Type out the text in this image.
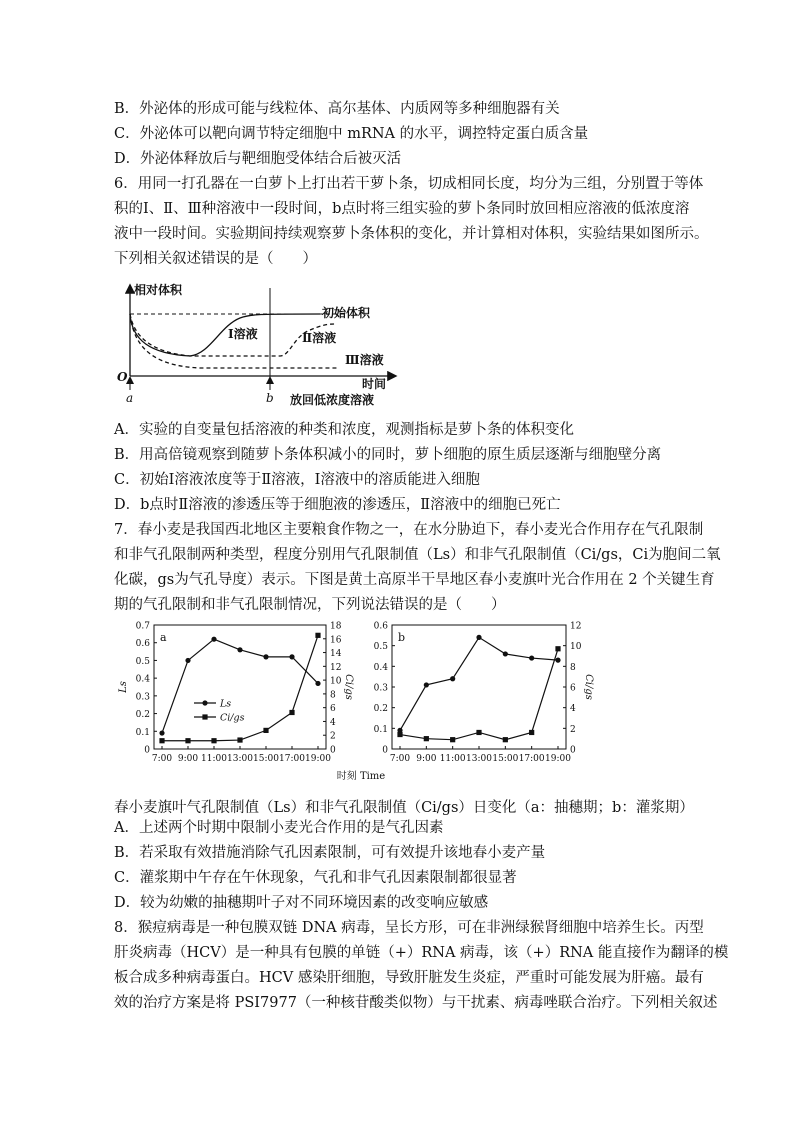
B．外泌体的形成可能与线粒体、高尔基体、内质网等多种细胞器有关
C．外泌体可以靶向调节特定细胞中 mRNA 的水平，调控特定蛋白质含量
D．外泌体释放后与靶细胞受体结合后被灭活
6．用同一打孔器在一白萝卜上打出若干萝卜条，切成相同长度，均分为三组，分别置于等体
积的Ⅰ、Ⅱ、Ⅲ种溶液中一段时间，b点时将三组实验的萝卜条同时放回相应溶液的低浓度溶
液中一段时间。实验期间持续观察萝卜条体积的变化，并计算相对体积，实验结果如图所示。
下列相关叙述错误的是（　　）
相对体积
时间
O
初始体积
Ⅰ溶液	Ⅱ溶液
Ⅲ溶液
a	b 放回低浓度溶液
A．实验的自变量包括溶液的种类和浓度，观测指标是萝卜条的体积变化
B．用高倍镜观察到随萝卜条体积减小的同时，萝卜细胞的原生质层逐渐与细胞壁分离
C．初始Ⅰ溶液浓度等于Ⅱ溶液，Ⅰ溶液中的溶质能进入细胞
D．b点时Ⅱ溶液的渗透压等于细胞液的渗透压，Ⅱ溶液中的细胞已死亡
7．春小麦是我国西北地区主要粮食作物之一，在水分胁迫下，春小麦光合作用存在气孔限制
和非气孔限制两种类型，程度分别用气孔限制值（Ls）和非气孔限制值（Ci/gs，Ci为胞间二氧
化碳，gs为气孔导度）表示。下图是黄土高原半干旱地区春小麦旗叶光合作用在 2 个关键生育
期的气孔限制和非气孔限制情况，下列说法错误的是（　　）
a
0
0.1
0.2
0.3
0.4
0.5
0.6
0.7
0
2
4
6
8
10
12
14
16
18
7:00 9:00 11:00 13:00 15:00 17:00 19:00
Ls	Ci/gs
Ls
Ci/gs
b
0
0.1
0.2
0.3
0.4
0.5
0.6
0
2
4
6
8
10
12
7:00 9:00 11:00 13:00 15:00 17:00 19:00
Ci/gs
时刻 Time
春小麦旗叶气孔限制值（Ls）和非气孔限制值（Ci/gs）日变化（a：抽穗期；b：灌浆期）
A．上述两个时期中限制小麦光合作用的是气孔因素
B．若采取有效措施消除气孔因素限制，可有效提升该地春小麦产量
C．灌浆期中午存在午休现象，气孔和非气孔因素限制都很显著
D．较为幼嫩的抽穗期叶子对不同环境因素的改变响应敏感
8．猴痘病毒是一种包膜双链 DNA 病毒，呈长方形，可在非洲绿猴肾细胞中培养生长。丙型
肝炎病毒（HCV）是一种具有包膜的单链（+）RNA 病毒，该（+）RNA 能直接作为翻译的模
板合成多种病毒蛋白。HCV 感染肝细胞，导致肝脏发生炎症，严重时可能发展为肝癌。最有
效的治疗方案是将 PSI7977（一种核苷酸类似物）与干扰素、病毒唑联合治疗。下列相关叙述
